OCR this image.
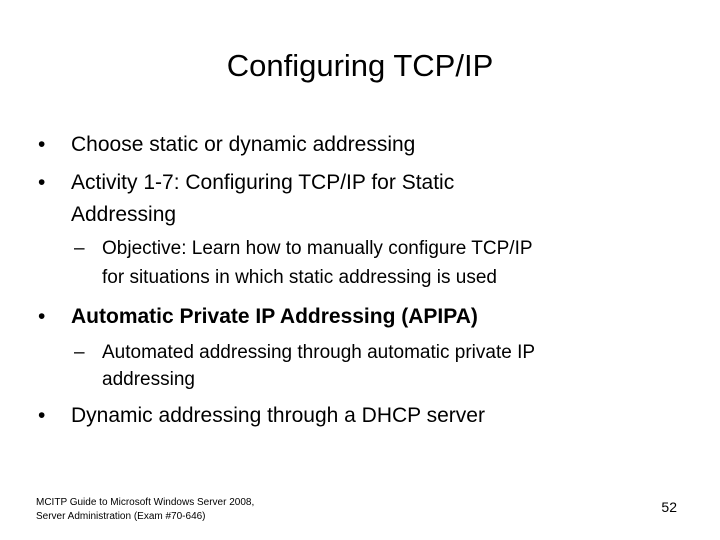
Configuring TCP/IP
•	Choose static or dynamic addressing
•	Activity 1-7: Configuring TCP/IP for Static
Addressing
– Objective: Learn how to manually configure TCP/IP
for situations in which static addressing is used
•	Automatic Private IP Addressing (APIPA)
– Automated addressing through automatic private IP
addressing
•	Dynamic addressing through a DHCP server
MCITP Guide to Microsoft Windows Server 2008,
Server Administration (Exam #70-646)
52
